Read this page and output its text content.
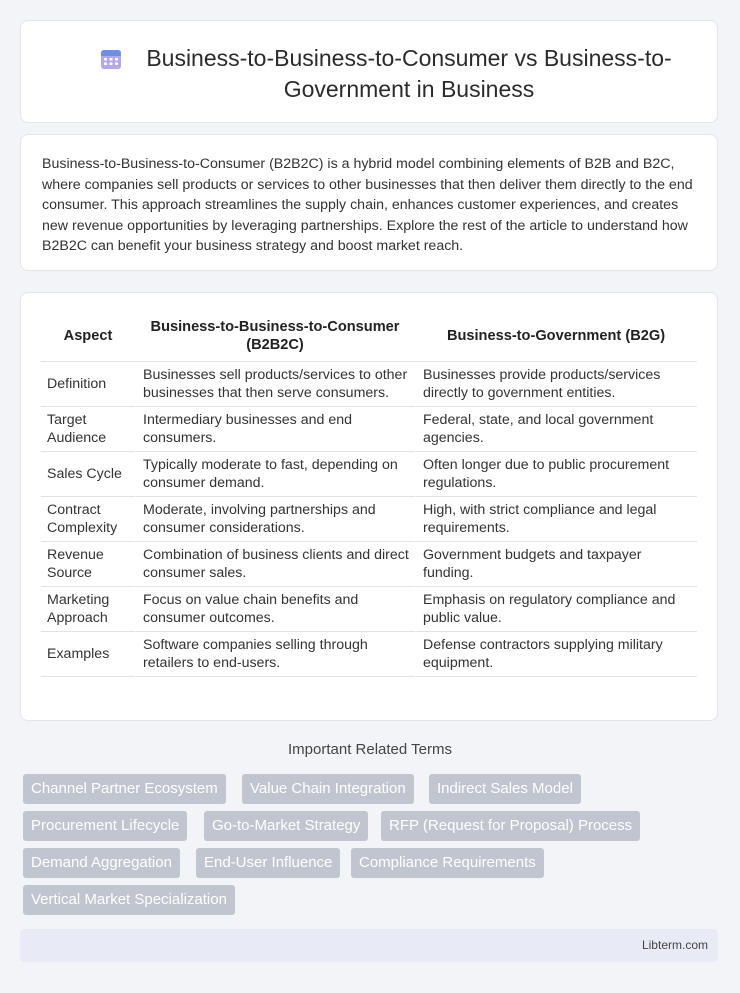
Business-to-Business-to-Consumer vs Business-to-Government in Business

Business-to-Business-to-Consumer (B2B2C) is a hybrid model combining elements of B2B and B2C, where companies sell products or services to other businesses that then deliver them directly to the end consumer. This approach streamlines the supply chain, enhances customer experiences, and creates new revenue opportunities by leveraging partnerships. Explore the rest of the article to understand how B2B2C can benefit your business strategy and boost market reach.

Aspect	Business-to-Business-to-Consumer (B2B2C)	Business-to-Government (B2G)
Definition	Businesses sell products/services to other businesses that then serve consumers.	Businesses provide products/services directly to government entities.
Target Audience	Intermediary businesses and end consumers.	Federal, state, and local government agencies.
Sales Cycle	Typically moderate to fast, depending on consumer demand.	Often longer due to public procurement regulations.
Contract Complexity	Moderate, involving partnerships and consumer considerations.	High, with strict compliance and legal requirements.
Revenue Source	Combination of business clients and direct consumer sales.	Government budgets and taxpayer funding.
Marketing Approach	Focus on value chain benefits and consumer outcomes.	Emphasis on regulatory compliance and public value.
Examples	Software companies selling through retailers to end-users.	Defense contractors supplying military equipment.
Important Related Terms
Channel Partner Ecosystem	Value Chain Integration	Indirect Sales Model
Procurement Lifecycle	Go-to-Market Strategy	RFP (Request for Proposal) Process
Demand Aggregation	End-User Influence	Compliance Requirements
Vertical Market Specialization
Libterm.com
